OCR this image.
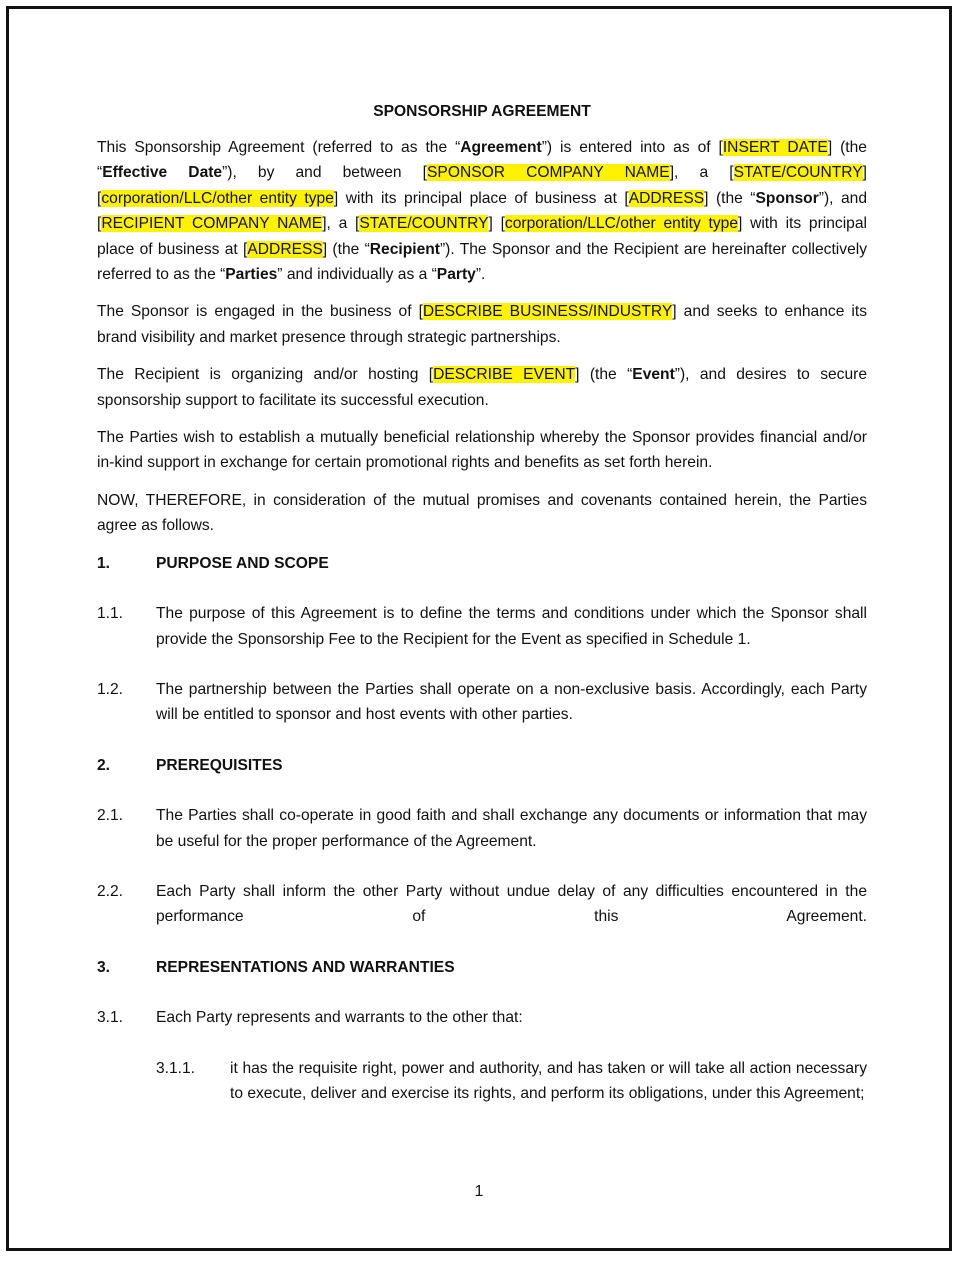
SPONSORSHIP AGREEMENT

This Sponsorship Agreement (referred to as the “Agreement”) is entered into as of [INSERT DATE] (the “Effective Date”), by and between [SPONSOR COMPANY NAME], a [STATE/COUNTRY] [corporation/LLC/other entity type] with its principal place of business at [ADDRESS] (the “Sponsor”), and [RECIPIENT COMPANY NAME], a [STATE/COUNTRY] [corporation/LLC/other entity type] with its principal place of business at [ADDRESS] (the “Recipient”). The Sponsor and the Recipient are hereinafter collectively referred to as the “Parties” and individually as a “Party”.

The Sponsor is engaged in the business of [DESCRIBE BUSINESS/INDUSTRY] and seeks to enhance its brand visibility and market presence through strategic partnerships.

The Recipient is organizing and/or hosting [DESCRIBE EVENT] (the “Event”), and desires to secure sponsorship support to facilitate its successful execution.

The Parties wish to establish a mutually beneficial relationship whereby the Sponsor provides financial and/or in-kind support in exchange for certain promotional rights and benefits as set forth herein.

NOW, THEREFORE, in consideration of the mutual promises and covenants contained herein, the Parties agree as follows.

1.	PURPOSE AND SCOPE
1.1. The purpose of this Agreement is to define the terms and conditions under which the Sponsor shall provide the Sponsorship Fee to the Recipient for the Event as specified in Schedule 1.
1.2. The partnership between the Parties shall operate on a non-exclusive basis. Accordingly, each Party will be entitled to sponsor and host events with other parties.
2.	PREREQUISITES
2.1. The Parties shall co-operate in good faith and shall exchange any documents or information that may be useful for the proper performance of the Agreement.
2.2. Each Party shall inform the other Party without undue delay of any difficulties encountered in the performance of this Agreement.
3.	REPRESENTATIONS AND WARRANTIES
3.1. Each Party represents and warrants to the other that:
3.1.1. it has the requisite right, power and authority, and has taken or will take all action necessary to execute, deliver and exercise its rights, and perform its obligations, under this Agreement;
1
